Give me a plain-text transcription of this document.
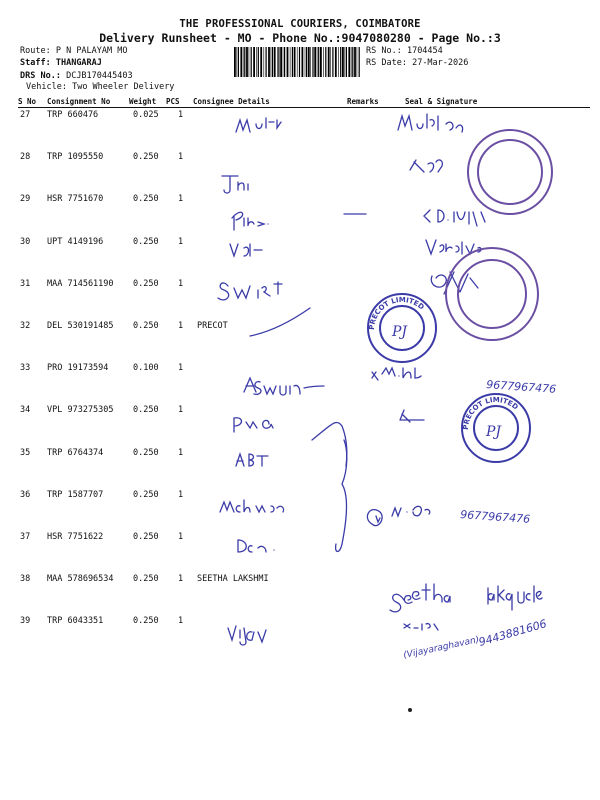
THE PROFESSIONAL COURIERS, COIMBATORE
Delivery Runsheet - MO - Phone No.:9047080280 - Page No.:3
Route: P N PALAYAM MO
Staff: THANGARAJ
DRS No.: DCJB170445403
Vehicle: Two Wheeler Delivery
RS No.: 1704454
RS Date: 27-Mar-2026
S No Consignment No	Weight PCS Consignee Details	Remarks	Seal & Signature
27 TRP 660476	0.025 1
28 TRP 1095550	0.250 1
29 HSR 7751670	0.250 1
30 UPT 4149196	0.250 1
31 MAA 714561190 0.250 1
32 DEL 530191485 0.250 1 PRECOT
33 PRO 19173594	0.100 1
34 VPL 973275305 0.250 1
35 TRP 6764374	0.250 1
36 TRP 1587707	0.250 1
37 HSR 7751622	0.250 1
38 MAA 578696534 0.250 1 SEETHA LAKSHMI
39 TRP 6043351	0.250 1
9677967476
9677967476
(Vijayaraghavan)
9443881606
PJ
PJ
PRECOT LIMITED
PRECOT LIMITED
